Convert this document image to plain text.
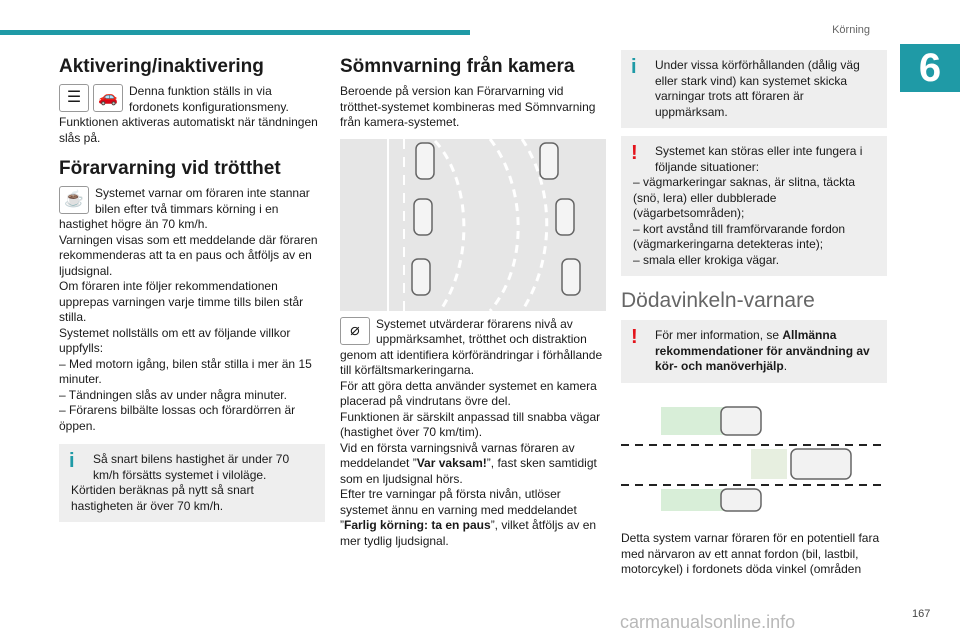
Körning
6
Aktivering/inaktivering
☰	🚗 Denna funktion ställs in via fordonets konfigurationsmeny.

Funktionen aktiveras automatiskt när tändningen slås på.

Förarvarning vid trötthet
☕ Systemet varnar om föraren inte stannar bilen efter två timmars körning i en hastighet högre än 70 km/h.

Varningen visas som ett meddelande där föraren rekommenderas att ta en paus och åtföljs av en ljudsignal.

Om föraren inte följer rekommendationen upprepas varningen varje timme tills bilen står stilla.

Systemet nollställs om ett av följande villkor uppfylls:

– Med motorn igång, bilen står stilla i mer än 15 minuter.

– Tändningen slås av under några minuter.

– Förarens bilbälte lossas och förardörren är öppen.

i	Så snart bilens hastighet är under 70 km/h försätts systemet i viloläge.

Körtiden beräknas på nytt så snart hastigheten är över 70 km/h.

Sömnvarning från kamera

Beroende på version kan Förarvarning vid trötthet-systemet kombineras med Sömnvarning från kamera-systemet.

⌀	Systemet utvärderar förarens nivå av uppmärksamhet, trötthet och distraktion genom att identifiera körförändringar i förhållande till körfältsmarkeringarna.

För att göra detta använder systemet en kamera placerad på vindrutans övre del.

Funktionen är särskilt anpassad till snabba vägar (hastighet över 70 km/tim).

Vid en första varningsnivå varnas föraren av meddelandet ”Var vaksam!”, fast sken samtidigt som en ljudsignal hörs.

Efter tre varningar på första nivån, utlöser systemet ännu en varning med meddelandet ”Farlig körning: ta en paus”, vilket åtföljs av en mer tydlig ljudsignal.

i	Under vissa körförhållanden (dålig väg eller stark vind) kan systemet skicka varningar trots att föraren är uppmärksam.

!	Systemet kan störas eller inte fungera i följande situationer:

– vägmarkeringar saknas, är slitna, täckta (snö, lera) eller dubblerade (vägarbetsområden);

– kort avstånd till framförvarande fordon (vägmarkeringarna detekteras inte);

– smala eller krokiga vägar.

Dödavinkeln-varnare
!	För mer information, se Allmänna rekommendationer för användning av kör- och manöverhjälp.

Detta system varnar föraren för en potentiell fara med närvaron av ett annat fordon (bil, lastbil, motorcykel) i fordonets döda vinkel (områden

carmanualsonline.info	167
